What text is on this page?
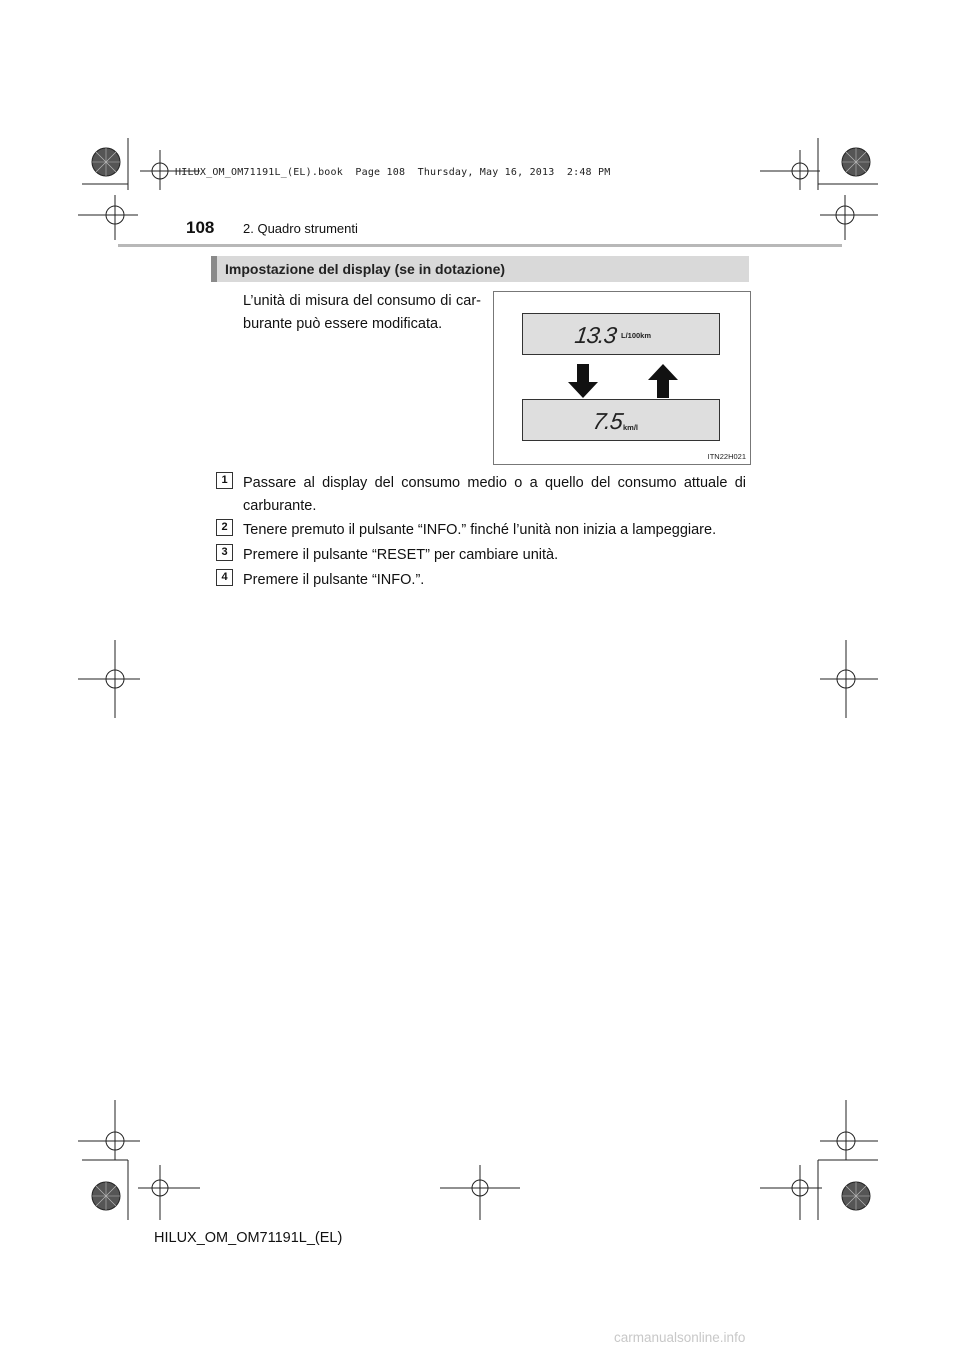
HILUX_OM_OM71191L_(EL).book  Page 108  Thursday, May 16, 2013  2:48 PM
108 2. Quadro strumenti
Impostazione del display (se in dotazione)
L’unità di misura del consumo di car-burante può essere modificata.	13.3 L/100km
7.5 km/l
ITN22H021
1	Passare al display del consumo medio o a quello del consumo attuale di carburante.
2	Tenere premuto il pulsante “INFO.” finché l’unità non inizia a lampeggiare.
3	Premere il pulsante “RESET” per cambiare unità.
4	Premere il pulsante “INFO.”.
HILUX_OM_OM71191L_(EL)
carmanualsonline.info
